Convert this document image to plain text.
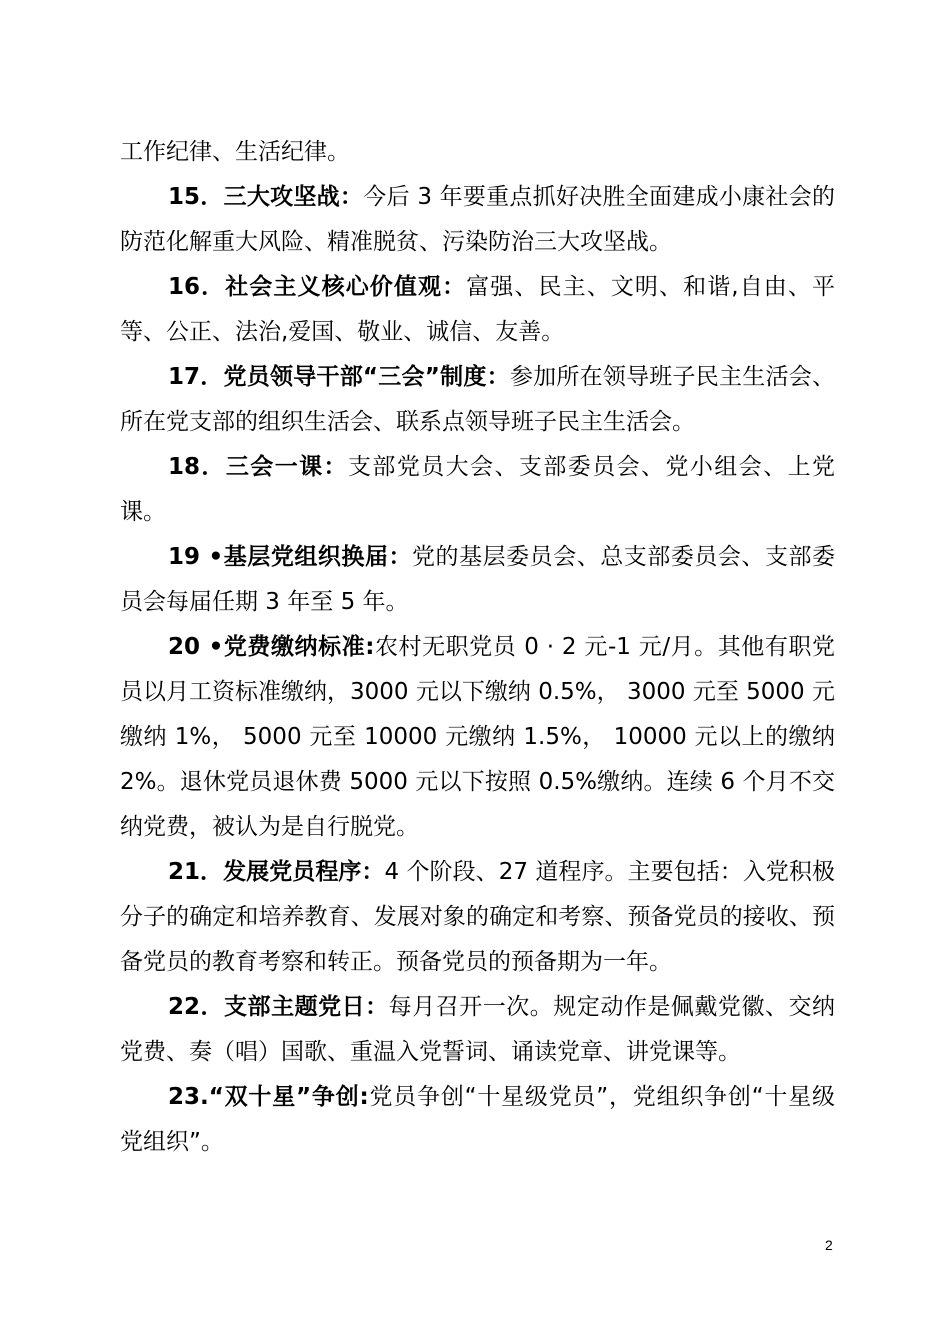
工作纪律、生活纪律。

15．三大攻坚战：今后 3 年要重点抓好决胜全面建成小康社会的防范化解重大风险、精准脱贫、污染防治三大攻坚战。

16．社会主义核心价值观：富强、民主、文明、和谐,自由、平等、公正、法治,爱国、敬业、诚信、友善。

17．党员领导干部“三会”制度：参加所在领导班子民主生活会、所在党支部的组织生活会、联系点领导班子民主生活会。

18．三会一课：支部党员大会、支部委员会、党小组会、上党课。

19 •基层党组织换届：党的基层委员会、总支部委员会、支部委员会每届任期 3 年至 5 年。

20 •党费缴纳标准:农村无职党员 0 · 2 元-1 元/月。其他有职党员以月工资标准缴纳，3000 元以下缴纳 0.5%， 3000 元至 5000 元缴纳 1%， 5000 元至 10000 元缴纳 1.5%， 10000 元以上的缴纳 2%。退休党员退休费 5000 元以下按照 0.5%缴纳。连续 6 个月不交纳党费，被认为是自行脱党。

21．发展党员程序：4 个阶段、27 道程序。主要包括：入党积极分子的确定和培养教育、发展对象的确定和考察、预备党员的接收、预备党员的教育考察和转正。预备党员的预备期为一年。

22．支部主题党日：每月召开一次。规定动作是佩戴党徽、交纳党费、奏（唱）国歌、重温入党誓词、诵读党章、讲党课等。

23.“双十星”争创:党员争创“十星级党员”，党组织争创“十星级党组织”。

2
